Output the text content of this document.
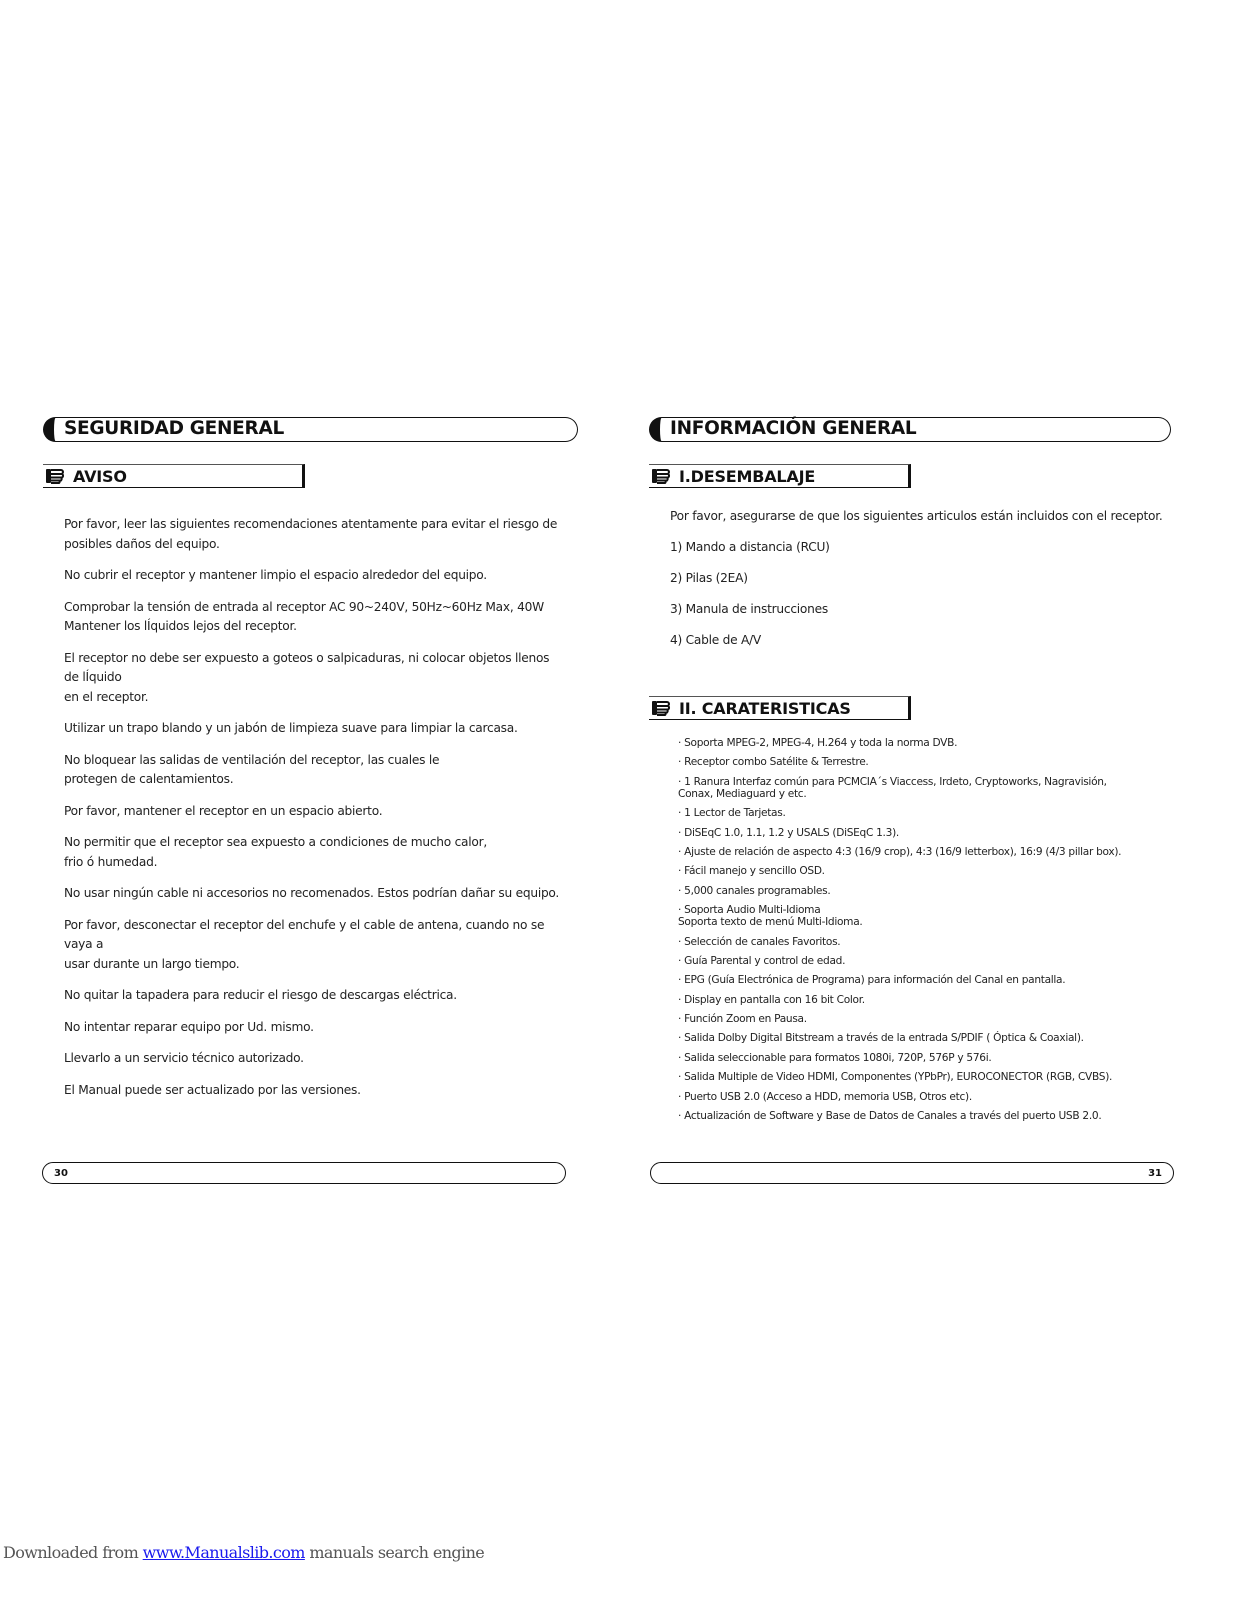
SEGURIDAD GENERAL
AVISO

Por favor, leer las siguientes recomendaciones atentamente para evitar el riesgo de
posibles daños del equipo.

No cubrir el receptor y mantener limpio el espacio alrededor del equipo.

Comprobar la tensión de entrada al receptor AC 90~240V, 50Hz~60Hz Max, 40W
Mantener los lÍquidos lejos del receptor.

El receptor no debe ser expuesto a goteos o salpicaduras, ni colocar objetos llenos de lÍquido
en el receptor.

Utilizar un trapo blando y un jabón de limpieza suave para limpiar la carcasa.

No bloquear las salidas de ventilación del receptor, las cuales le
protegen de calentamientos.

Por favor, mantener el receptor en un espacio abierto.

No permitir que el receptor sea expuesto a condiciones de mucho calor,
frio ó humedad.

No usar ningún cable ni accesorios no recomenados. Estos podrían dañar su equipo.

Por favor, desconectar el receptor del enchufe y el cable de antena, cuando no se vaya a
usar durante un largo tiempo.

No quitar la tapadera para reducir el riesgo de descargas eléctrica.

No intentar reparar equipo por Ud. mismo.

Llevarlo a un servicio técnico autorizado.

El Manual puede ser actualizado por las versiones.

INFORMACIÓN GENERAL
I.DESEMBALAJE
Por favor, asegurarse de que los siguientes articulos están incluidos con el receptor.
1) Mando a distancia (RCU)
2) Pilas (2EA)
3) Manula de instrucciones
4) Cable de A/V
II. CARATERISTICAS
· Soporta MPEG-2, MPEG-4, H.264 y toda la norma DVB.
· Receptor combo Satélite & Terrestre.
· 1 Ranura Interfaz común para PCMCIA´s Viaccess, Irdeto, Cryptoworks, Nagravisión,
Conax, Mediaguard y etc.
· 1 Lector de Tarjetas.
· DiSEqC 1.0, 1.1, 1.2 y USALS (DiSEqC 1.3).
· Ajuste de relación de aspecto 4:3 (16/9 crop), 4:3 (16/9 letterbox), 16:9 (4/3 pillar box).
· Fácil manejo y sencillo OSD.
· 5,000 canales programables.
· Soporta Audio Multi-Idioma
Soporta texto de menú Multi-Idioma.
· Selección de canales Favoritos.
· Guía Parental y control de edad.
· EPG (Guía Electrónica de Programa) para información del Canal en pantalla.
· Display en pantalla con 16 bit Color.
· Función Zoom en Pausa.
· Salida Dolby Digital Bitstream a través de la entrada S/PDIF ( Óptica & Coaxial).
· Salida seleccionable para formatos 1080i, 720P, 576P y 576i.
· Salida Multiple de Video HDMI, Componentes (YPbPr), EUROCONECTOR (RGB, CVBS).
· Puerto USB 2.0 (Acceso a HDD, memoria USB, Otros etc).
· Actualización de Software y Base de Datos de Canales a través del puerto USB 2.0.
30	31
Downloaded from www.Manualslib.com manuals search engine
